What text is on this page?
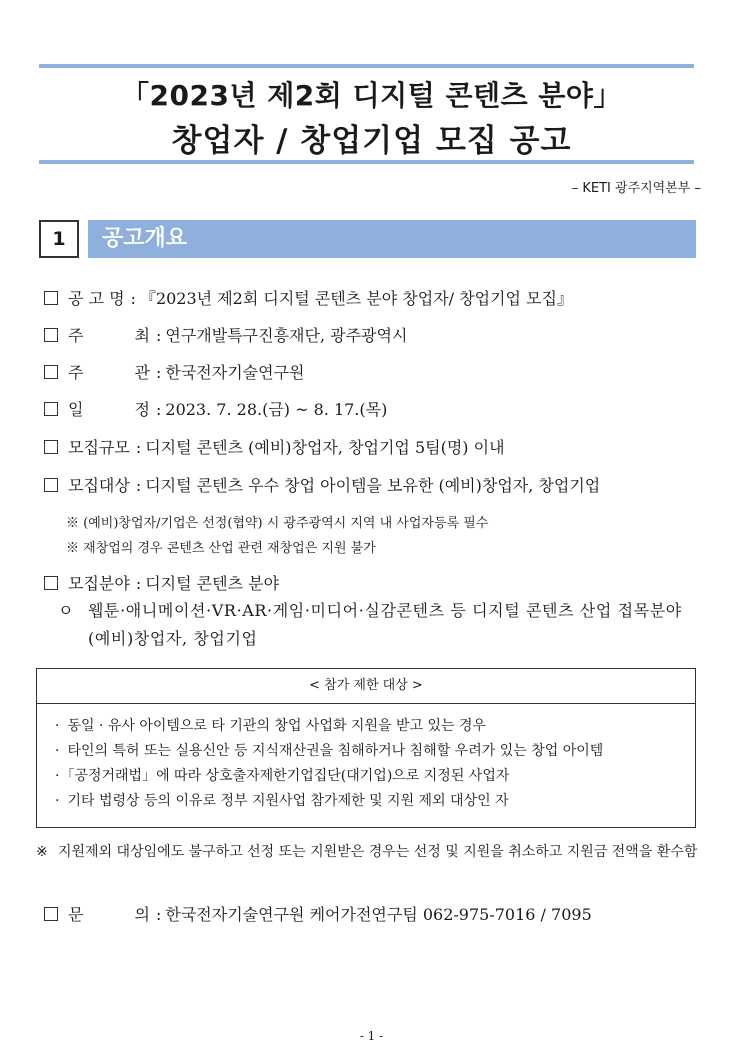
「2023년 제2회 디지털 콘텐츠 분야」
창업자 / 창업기업 모집 공고
– KETI 광주지역본부 –
1	공고개요
공 고 명 : 『2023년 제2회 디지털 콘텐츠 분야 창업자/ 창업기업 모집』
주	최 : 연구개발특구진흥재단, 광주광역시
주	관 : 한국전자기술연구원
일	정 : 2023. 7. 28.(금) ~ 8. 17.(목)
모집규모 : 디지털 콘텐츠 (예비)창업자, 창업기업 5팀(명) 이내
모집대상 : 디지털 콘텐츠 우수 창업 아이템을 보유한 (예비)창업자, 창업기업
※ (예비)창업자/기업은 선정(협약) 시 광주광역시 지역 내 사업자등록 필수
※ 재창업의 경우 콘텐츠 산업 관련 재창업은 지원 불가
모집분야 : 디지털 콘텐츠 분야
ㅇ 웹툰·애니메이션·VR·AR·게임·미디어·실감콘텐츠 등 디지털 콘텐츠 산업 접목분야 (예비)창업자, 창업기업
< 참가 제한 대상 >
· 동일 · 유사 아이템으로 타 기관의 창업 사업화 지원을 받고 있는 경우
· 타인의 특허 또는 실용신안 등 지식재산권을 침해하거나 침해할 우려가 있는 창업 아이템
· 「공정거래법」에 따라 상호출자제한기업집단(대기업)으로 지정된 사업자
· 기타 법령상 등의 이유로 정부 지원사업 참가제한 및 지원 제외 대상인 자
※ 지원제외 대상임에도 불구하고 선정 또는 지원받은 경우는 선정 및 지원을 취소하고 지원금 전액을 환수함
문	의 : 한국전자기술연구원 케어가전연구팀 062-975-7016 / 7095
- 1 -
